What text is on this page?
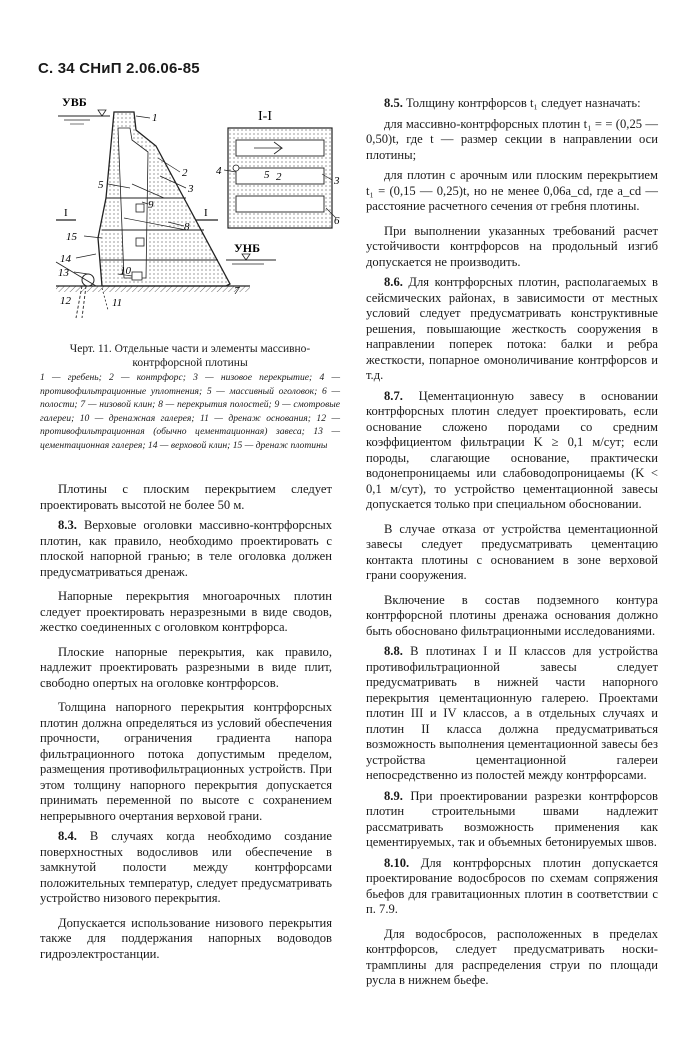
С. 34 СНиП 2.06.06-85
УВБ
УНБ
I	I
I-I
1
2
3
5
9
8
15
14
13	10
12	11
7
4	5 2	3
6
Черт. 11. Отдельные части и элементы массивно-контрфорсной плотины
1 — гребень; 2 — контрфорс; 3 — низовое перекрытие; 4 — противофильтрационные уплотнения; 5 — массивный оголовок; 6 — полости; 7 — низовой клин; 8 — перекрытия полостей; 9 — смотровые галереи; 10 — дренажная галерея; 11 — дренаж основания; 12 — противофильтрационная (обычно цементационная) завеса; 13 — цементационная галерея; 14 — верховой клин; 15 — дренаж плотины

Плотины с плоским перекрытием следует проектировать высотой не более 50 м.

8.3. Верховые оголовки массивно-контрфорсных плотин, как правило, необходимо проектировать с плоской напорной гранью; в теле оголовка должен предусматриваться дренаж.

Напорные перекрытия многоарочных плотин следует проектировать неразрезными в виде сводов, жестко соединенных с оголовком контрфорса.

Плоские напорные перекрытия, как правило, надлежит проектировать разрезными в виде плит, свободно опертых на оголовке контрфорсов.

Толщина напорного перекрытия контрфорсных плотин должна определяться из условий обеспечения прочности, ограничения градиента напора фильтрационного потока допустимым пределом, размещения противофильтрационных устройств. При этом толщину напорного перекрытия допускается принимать переменной по высоте с сохранением непрерывного очертания верховой грани.

8.4. В случаях когда необходимо создание поверхностных водосливов или обеспечение в замкнутой полости между контрфорсами положительных температур, следует предусматривать устройство низового перекрытия.

Допускается использование низового перекрытия также для поддержания напорных водоводов гидроэлектростанции.

8.5. Толщину контрфорсов t₁ следует назначать:

для массивно-контрфорсных плотин t₁ = = (0,25 — 0,50)t, где t — размер секции в направлении оси плотины;

для плотин с арочным или плоским перекрытием t₁ = (0,15 — 0,25)t, но не менее 0,06a_cd, где a_cd — расстояние расчетного сечения от гребня плотины.

При выполнении указанных требований расчет устойчивости контрфорсов на продольный изгиб допускается не производить.

8.6. Для контрфорсных плотин, располагаемых в сейсмических районах, в зависимости от местных условий следует предусматривать конструктивные решения, повышающие жесткость сооружения в направлении поперек потока: балки и ребра жесткости, попарное омоноличивание контрфорсов и т.д.

8.7. Цементационную завесу в основании контрфорсных плотин следует проектировать, если основание сложено породами со средним коэффициентом фильтрации K ≥ 0,1 м/сут; если породы, слагающие основание, практически водонепроницаемы или слабоводопроницаемы (K < 0,1 м/сут), то устройство цементационной завесы допускается только при специальном обосновании.

В случае отказа от устройства цементационной завесы следует предусматривать цементацию контакта плотины с основанием в зоне верховой грани сооружения.

Включение в состав подземного контура контрфорсной плотины дренажа основания должно быть обосновано фильтрационными исследованиями.

8.8. В плотинах I и II классов для устройства противофильтрационной завесы следует предусматривать в нижней части напорного перекрытия цементационную галерею. Проектами плотин III и IV классов, а в отдельных случаях и плотин II класса должна предусматриваться возможность выполнения цементационной завесы без устройства цементационной галереи непосредственно из полостей между контрфорсами.

8.9. При проектировании разрезки контрфорсов плотин строительными швами надлежит рассматривать возможность применения как цементируемых, так и объемных бетонируемых швов.

8.10. Для контрфорсных плотин допускается проектирование водосбросов по схемам сопряжения бьефов для гравитационных плотин в соответствии с п. 7.9.

Для водосбросов, расположенных в пределах контрфорсов, следует предусматривать носки-трамплины для распределения струи по площади русла в нижнем бьефе.
